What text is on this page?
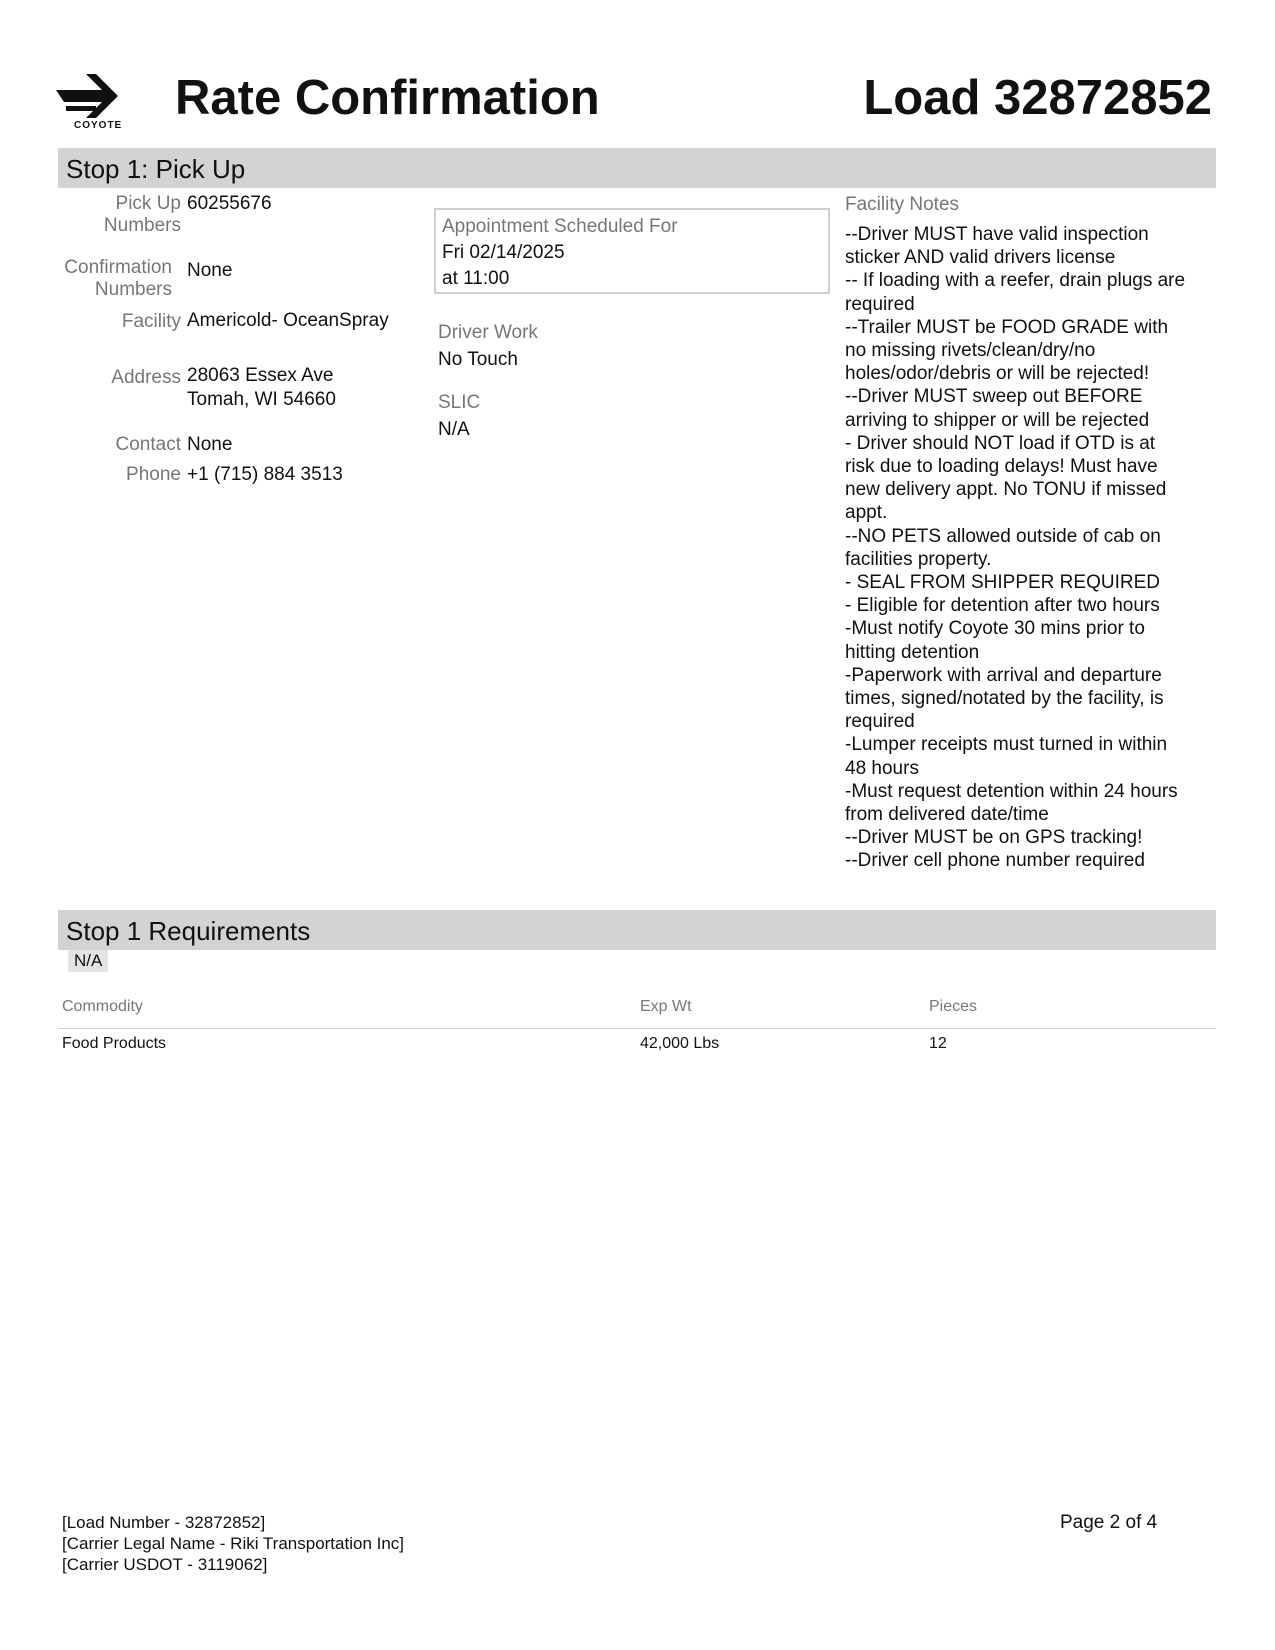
COYOTE
Rate Confirmation	Load 32872852
Stop 1: Pick Up
Pick Up
Numbers
60255676
Confirmation
Numbers
None
Facility Americold- OceanSpray
Address 28063 Essex Ave
Tomah, WI 54660
Contact None
Phone +1 (715) 884 3513
Appointment Scheduled For
Fri 02/14/2025
at 11:00
Driver Work
No Touch
SLIC
N/A
Facility Notes
--Driver MUST have valid inspection
sticker AND valid drivers license
-- If loading with a reefer, drain plugs are
required
--Trailer MUST be FOOD GRADE with
no missing rivets/clean/dry/no
holes/odor/debris or will be rejected!
--Driver MUST sweep out BEFORE
arriving to shipper or will be rejected
- Driver should NOT load if OTD is at
risk due to loading delays! Must have
new delivery appt. No TONU if missed
appt.
--NO PETS allowed outside of cab on
facilities property.
- SEAL FROM SHIPPER REQUIRED
- Eligible for detention after two hours
-Must notify Coyote 30 mins prior to
hitting detention
-Paperwork with arrival and departure
times, signed/notated by the facility, is
required
-Lumper receipts must turned in within
48 hours
-Must request detention within 24 hours
from delivered date/time
--Driver MUST be on GPS tracking!
--Driver cell phone number required
Stop 1 Requirements
N/A
Commodity	Exp Wt	Pieces
Food Products	42,000 Lbs	12
[Load Number - 32872852]
[Carrier Legal Name - Riki Transportation Inc]
[Carrier USDOT - 3119062]
Page 2 of 4
